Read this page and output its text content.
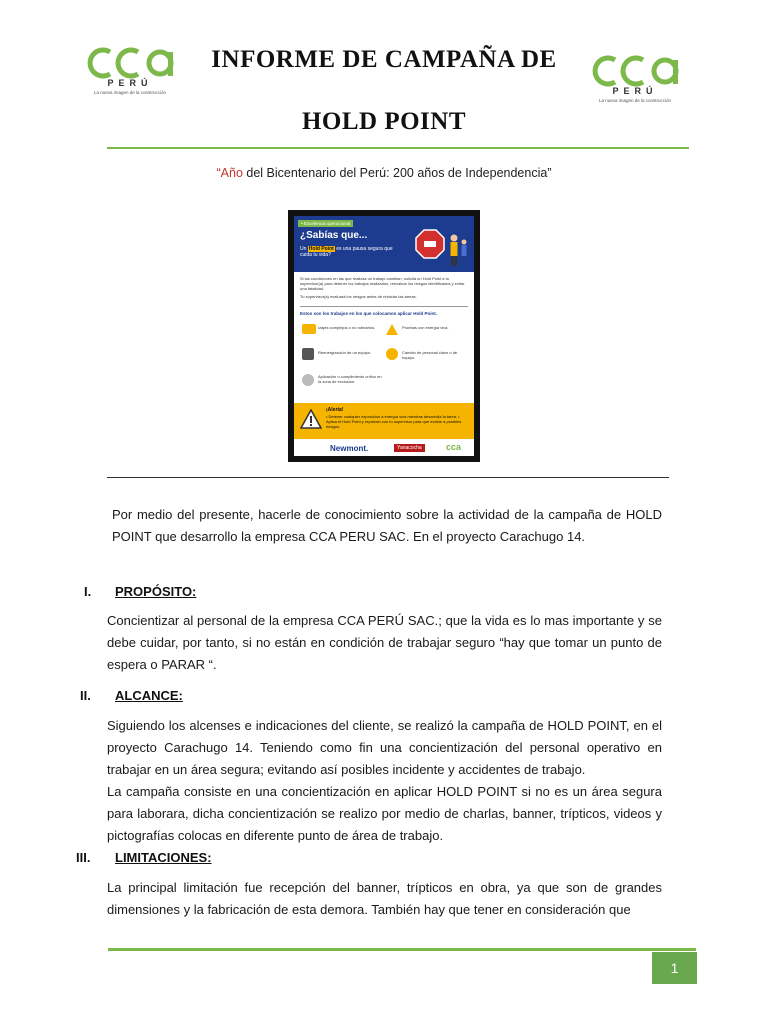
PERÚ
La nueva imagen de la construcción	PERÚ
La nueva imagen de la construcción
INFORME DE CAMPAÑA DE
HOLD POINT
“Año del Bicentenario del Perú: 200 años de Independencia”
• Excelencia operacional
¿Sabías que...
Un Hold Point es una pausa segura que cuida tu vida?
Si las condiciones en las que realizas un trabajo cambian, solicita un Hold Point a tu supervisor(a) para detener los trabajos realizados, reevaluar los riesgos identificados y evitar una fatalidad.
Tu supervisor(a) evaluará los riesgos antes de reiniciar las tareas.
Estos son los trabajos en los que colocamos aplicar Hold Point.
Izajes complejos o no rutinarios.	Pruebas con energía viva.
Reenergización de un equipo.	Cambio de personal clave o de equipo.
Aplicación o cumplimiento crítico en la zona de exclusión.
¡Alerta!
• Detener cualquier exposición a energía viva mientras desarrolla la tarea. • Aplica el Hold Point y repórtalo con tu supervisor para que evalúe a posibles riesgos.
Newmont.	Yanacocha	cca
Por medio del presente, hacerle de conocimiento sobre la actividad de la campaña de HOLD POINT que desarrollo la empresa CCA PERU SAC. En el proyecto Carachugo 14.
I. PROPÓSITO:
Concientizar al personal de la empresa CCA PERÚ SAC.; que la vida es lo mas importante y se debe cuidar, por tanto, si no están en condición de trabajar seguro “hay que tomar un punto de espera o PARAR “.
II. ALCANCE:
Siguiendo los alcenses e indicaciones del cliente, se realizó la campaña de HOLD POINT, en el proyecto Carachugo 14. Teniendo como fin una concientización del personal operativo en trabajar en un área segura; evitando así posibles incidente y accidentes de trabajo.
La campaña consiste en una concientización en aplicar HOLD POINT si no es un área segura para laborara, dicha concientización se realizo por medio de charlas, banner, trípticos, videos y pictografías colocas en diferente punto de área de trabajo.
III. LIMITACIONES:
La principal limitación fue recepción del banner, trípticos en obra, ya que son de grandes dimensiones y la fabricación de esta demora. También hay que tener en consideración que
1
